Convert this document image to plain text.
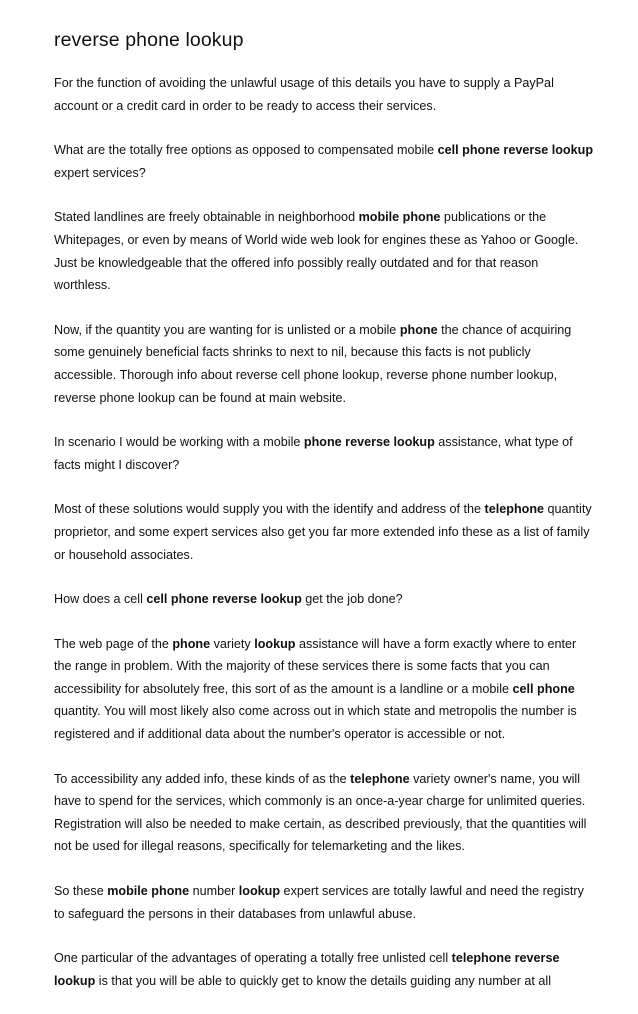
reverse phone lookup

For the function of avoiding the unlawful usage of this details you have to supply a PayPal account or a credit card in order to be ready to access their services.

What are the totally free options as opposed to compensated mobile cell phone reverse lookup expert services?

Stated landlines are freely obtainable in neighborhood mobile phone publications or the Whitepages, or even by means of World wide web look for engines these as Yahoo or Google. Just be knowledgeable that the offered info possibly really outdated and for that reason worthless.

Now, if the quantity you are wanting for is unlisted or a mobile phone the chance of acquiring some genuinely beneficial facts shrinks to next to nil, because this facts is not publicly accessible. Thorough info about reverse cell phone lookup, reverse phone number lookup, reverse phone lookup can be found at main website.

In scenario I would be working with a mobile phone reverse lookup assistance, what type of facts might I discover?

Most of these solutions would supply you with the identify and address of the telephone quantity proprietor, and some expert services also get you far more extended info these as a list of family or household associates.

How does a cell cell phone reverse lookup get the job done?

The web page of the phone variety lookup assistance will have a form exactly where to enter the range in problem. With the majority of these services there is some facts that you can accessibility for absolutely free, this sort of as the amount is a landline or a mobile cell phone quantity. You will most likely also come across out in which state and metropolis the number is registered and if additional data about the number's operator is accessible or not.

To accessibility any added info, these kinds of as the telephone variety owner's name, you will have to spend for the services, which commonly is an once-a-year charge for unlimited queries. Registration will also be needed to make certain, as described previously, that the quantities will not be used for illegal reasons, specifically for telemarketing and the likes.

So these mobile phone number lookup expert services are totally lawful and need the registry to safeguard the persons in their databases from unlawful abuse.

One particular of the advantages of operating a totally free unlisted cell telephone reverse lookup is that you will be able to quickly get to know the details guiding any number at all
